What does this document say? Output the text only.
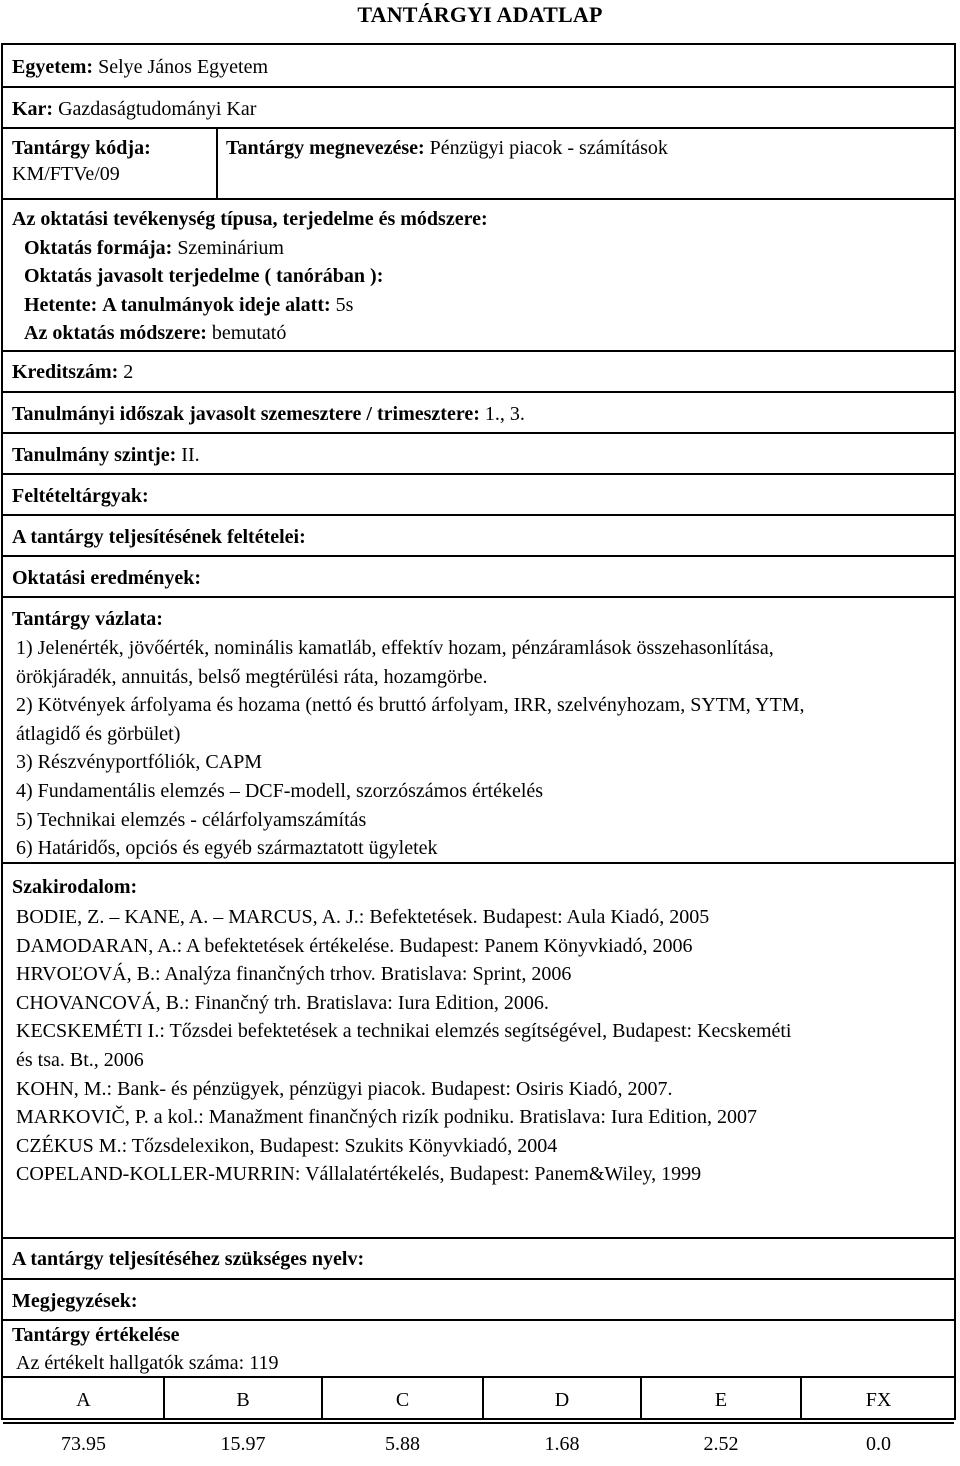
TANTÁRGYI ADATLAP
Egyetem: Selye János Egyetem
Kar: Gazdaságtudományi Kar
Tantárgy kódja:
KM/FTVe/09
Tantárgy megnevezése: Pénzügyi piacok - számítások
Az oktatási tevékenység típusa, terjedelme és módszere:
Oktatás formája: Szeminárium
Oktatás javasolt terjedelme ( tanórában ):
Hetente: A tanulmányok ideje alatt: 5s
Az oktatás módszere: bemutató
Kreditszám: 2
Tanulmányi időszak javasolt szemesztere / trimesztere: 1., 3.
Tanulmány szintje: II.
Feltételtárgyak:
A tantárgy teljesítésének feltételei:
Oktatási eredmények:
Tantárgy vázlata:
1) Jelenérték, jövőérték, nominális kamatláb, effektív hozam, pénzáramlások összehasonlítása,
örökjáradék, annuitás, belső megtérülési ráta, hozamgörbe.
2) Kötvények árfolyama és hozama (nettó és bruttó árfolyam, IRR, szelvényhozam, SYTM, YTM,
átlagidő és görbület)
3) Részvényportfóliók, CAPM
4) Fundamentális elemzés – DCF-modell, szorzószámos értékelés
5) Technikai elemzés - célárfolyamszámítás
6) Határidős, opciós és egyéb származtatott ügyletek
Szakirodalom:
BODIE, Z. – KANE, A. – MARCUS, A. J.: Befektetések. Budapest: Aula Kiadó, 2005
DAMODARAN, A.: A befektetések értékelése. Budapest: Panem Könyvkiadó, 2006
HRVOĽOVÁ, B.: Analýza finančných trhov. Bratislava: Sprint, 2006
CHOVANCOVÁ, B.: Finančný trh. Bratislava: Iura Edition, 2006.
KECSKEMÉTI I.: Tőzsdei befektetések a technikai elemzés segítségével, Budapest: Kecskeméti
és tsa. Bt., 2006
KOHN, M.: Bank- és pénzügyek, pénzügyi piacok. Budapest: Osiris Kiadó, 2007.
MARKOVIČ, P. a kol.: Manažment finančných rizík podniku. Bratislava: Iura Edition, 2007
CZÉKUS M.: Tőzsdelexikon, Budapest: Szukits Könyvkiadó, 2004
COPELAND-KOLLER-MURRIN: Vállalatértékelés, Budapest: Panem&Wiley, 1999
A tantárgy teljesítéséhez szükséges nyelv:
Megjegyzések:
Tantárgy értékelése
Az értékelt hallgatók száma: 119
A	B	C	D	E	FX
73.95	15.97	5.88	1.68	2.52	0.0
